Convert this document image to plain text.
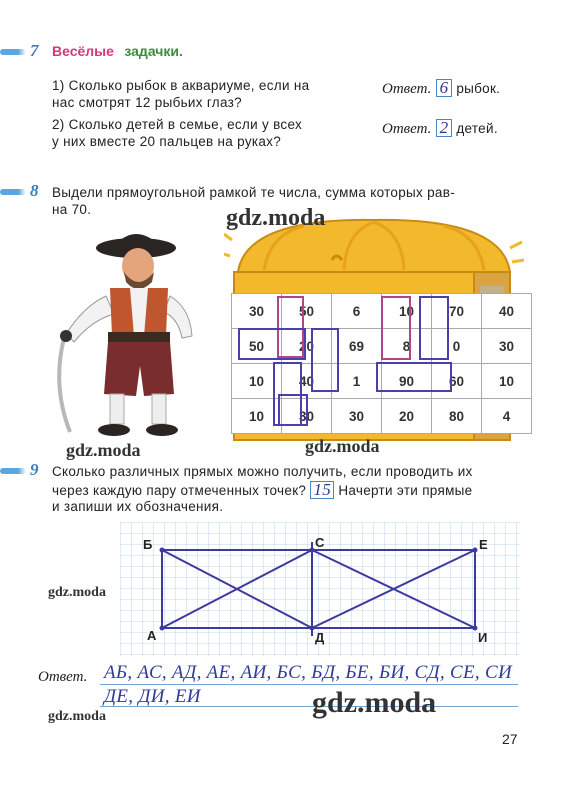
7 Весёлые задачки.
1) Сколько рыбок в аквариуме, если на
нас смотрят 12 рыбьих глаз?
2) Сколько детей в семье, если у всех
у них вместе 20 пальцев на руках?
Ответ. 6 рыбок.
Ответ. 2 детей.
8 Выдели прямоугольной рамкой те числа, сумма которых рав-
на 70.
30	50	6	10	70	40
50	20	69	8	0	30
10	40	1	90	60	10
10	30	30	20	80	4
9 Сколько различных прямых можно получить, если проводить их
через каждую пару отмеченных точек? 15 Начерти эти прямые
и запиши их обозначения.
Б	С	Е
А	Д	И
Ответ. АБ, АС, АД, АЕ, АИ, БС, БД, БЕ, БИ, СД, СЕ, СИ
ДЕ, ДИ, ЕИ
gdz.moda
gdz.moda	gdz.moda
gdz.moda
gdz.moda
gdz.moda
27
